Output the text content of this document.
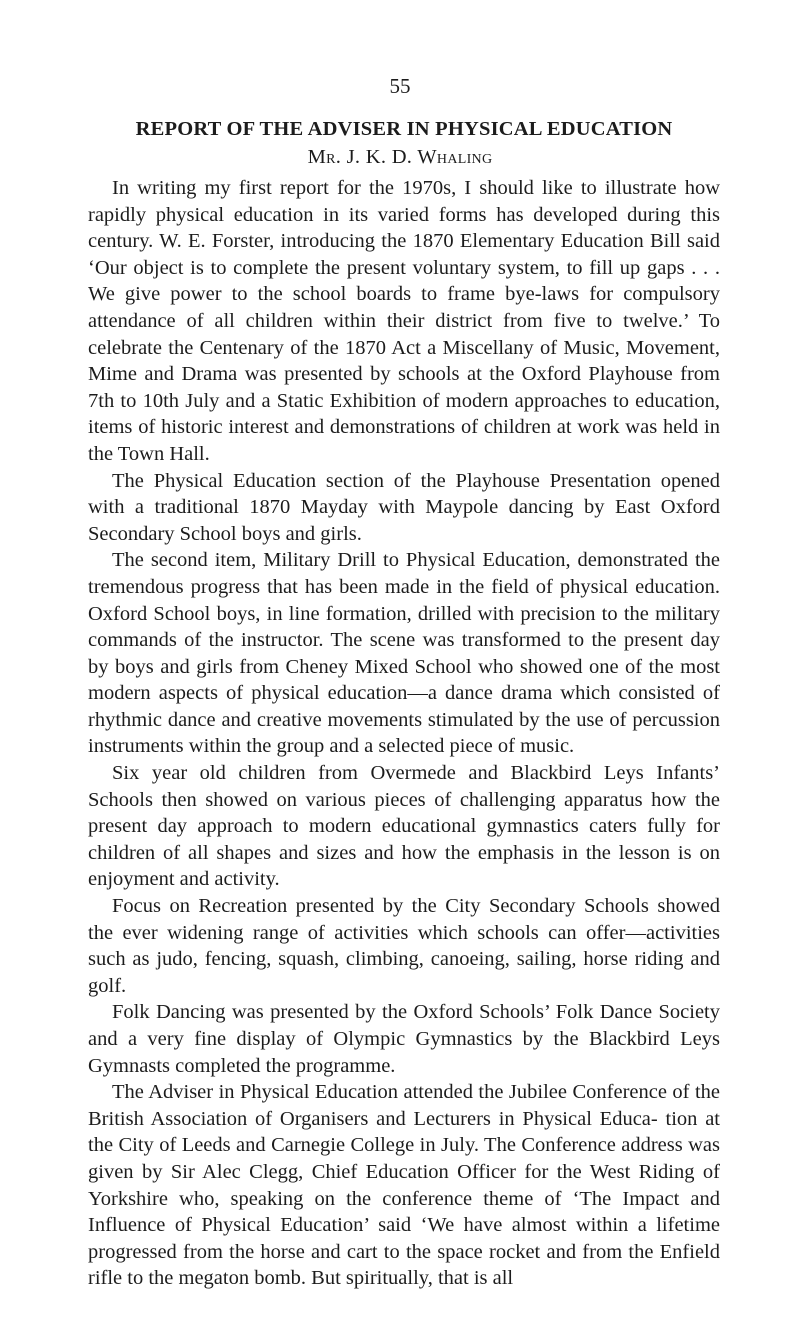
55
REPORT OF THE ADVISER IN PHYSICAL EDUCATION
Mr. J. K. D. Whaling

In writing my first report for the 1970s, I should like to illustrate how rapidly physical education in its varied forms has developed during this century. W. E. Forster, introducing the 1870 Elementary Education Bill said ‘Our object is to complete the present voluntary system, to fill up gaps . . . We give power to the school boards to frame bye-laws for compulsory attendance of all children within their district from five to twelve.’ To celebrate the Centenary of the 1870 Act a Miscellany of Music, Movement, Mime and Drama was presented by schools at the Oxford Playhouse from 7th to 10th July and a Static Exhibition of modern approaches to education, items of historic interest and demonstrations of children at work was held in the Town Hall.

The Physical Education section of the Playhouse Presentation opened with a traditional 1870 Mayday with Maypole dancing by East Oxford Secondary School boys and girls.

The second item, Military Drill to Physical Education, demonstrated the tremendous progress that has been made in the field of physical education. Oxford School boys, in line formation, drilled with precision to the military commands of the instructor. The scene was transformed to the present day by boys and girls from Cheney Mixed School who showed one of the most modern aspects of physical education—a dance drama which consisted of rhythmic dance and creative movements stimulated by the use of percussion instruments within the group and a selected piece of music.

Six year old children from Overmede and Blackbird Leys Infants’ Schools then showed on various pieces of challenging apparatus how the present day approach to modern educational gymnastics caters fully for children of all shapes and sizes and how the emphasis in the lesson is on enjoyment and activity.

Focus on Recreation presented by the City Secondary Schools showed the ever widening range of activities which schools can offer—activities such as judo, fencing, squash, climbing, canoeing, sailing, horse riding and golf.

Folk Dancing was presented by the Oxford Schools’ Folk Dance Society and a very fine display of Olympic Gymnastics by the Blackbird Leys Gymnasts completed the programme.

The Adviser in Physical Education attended the Jubilee Conference of the British Association of Organisers and Lecturers in Physical Educa- tion at the City of Leeds and Carnegie College in July. The Conference address was given by Sir Alec Clegg, Chief Education Officer for the West Riding of Yorkshire who, speaking on the conference theme of ‘The Impact and Influence of Physical Education’ said ‘We have almost within a lifetime progressed from the horse and cart to the space rocket and from the Enfield rifle to the megaton bomb. But spiritually, that is all
